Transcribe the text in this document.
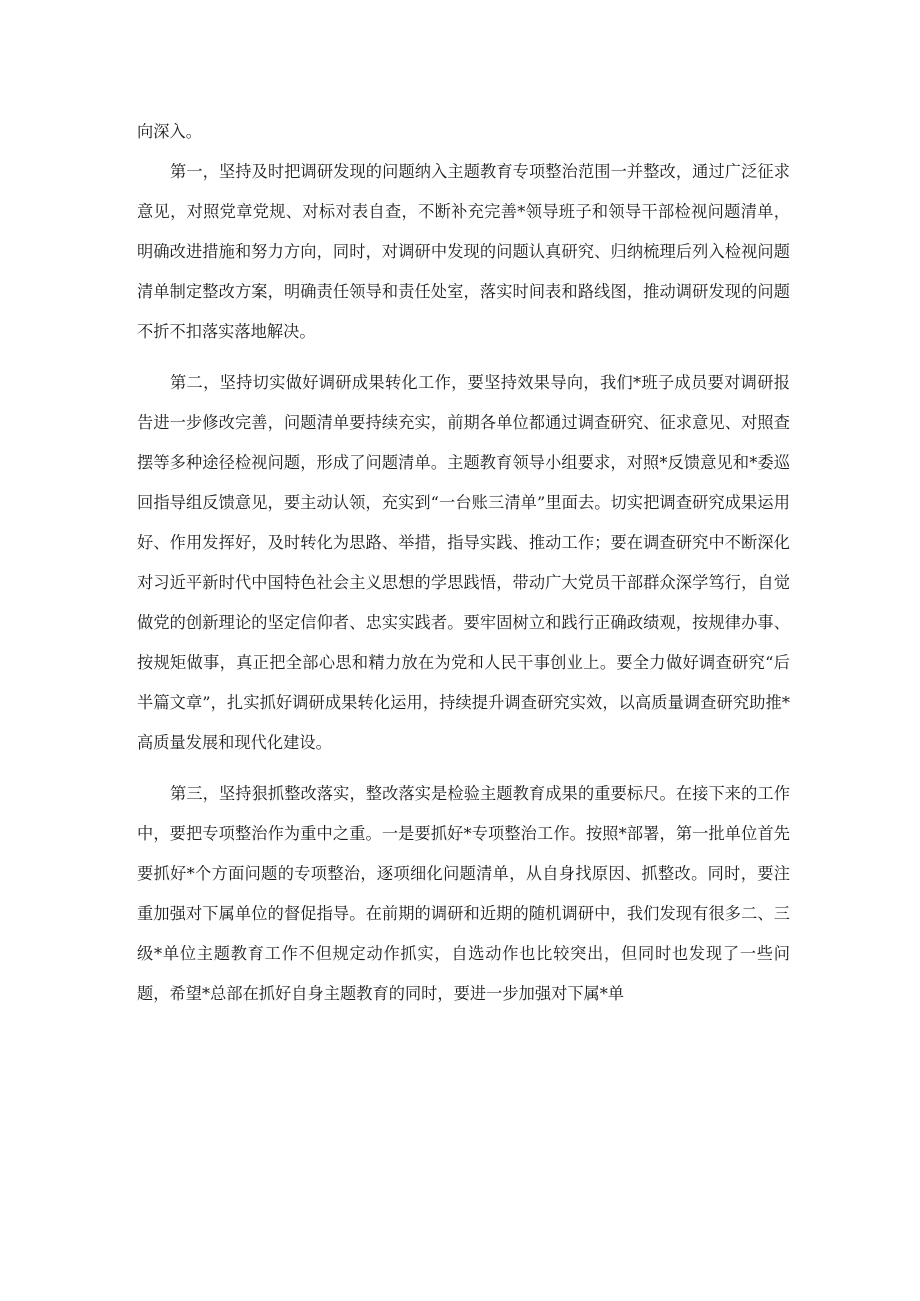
向深入。

第一，坚持及时把调研发现的问题纳入主题教育专项整治范围一并整改，通过广泛征求意见，对照党章党规、对标对表自查，不断补充完善*领导班子和领导干部检视问题清单，明确改进措施和努力方向，同时，对调研中发现的问题认真研究、归纳梳理后列入检视问题清单制定整改方案，明确责任领导和责任处室，落实时间表和路线图，推动调研发现的问题不折不扣落实落地解决。

第二，坚持切实做好调研成果转化工作，要坚持效果导向，我们*班子成员要对调研报告进一步修改完善，问题清单要持续充实，前期各单位都通过调查研究、征求意见、对照查摆等多种途径检视问题，形成了问题清单。主题教育领导小组要求，对照*反馈意见和*委巡回指导组反馈意见，要主动认领，充实到“一台账三清单”里面去。切实把调查研究成果运用好、作用发挥好，及时转化为思路、举措，指导实践、推动工作；要在调查研究中不断深化对习近平新时代中国特色社会主义思想的学思践悟，带动广大党员干部群众深学笃行，自觉做党的创新理论的坚定信仰者、忠实实践者。要牢固树立和践行正确政绩观，按规律办事、按规矩做事，真正把全部心思和精力放在为党和人民干事创业上。要全力做好调查研究“后半篇文章”，扎实抓好调研成果转化运用，持续提升调查研究实效，以高质量调查研究助推*高质量发展和现代化建设。

第三，坚持狠抓整改落实，整改落实是检验主题教育成果的重要标尺。在接下来的工作中，要把专项整治作为重中之重。一是要抓好*专项整治工作。按照*部署，第一批单位首先要抓好*个方面问题的专项整治，逐项细化问题清单，从自身找原因、抓整改。同时，要注重加强对下属单位的督促指导。在前期的调研和近期的随机调研中，我们发现有很多二、三级*单位主题教育工作不但规定动作抓实，自选动作也比较突出，但同时也发现了一些问题，希望*总部在抓好自身主题教育的同时，要进一步加强对下属*单
